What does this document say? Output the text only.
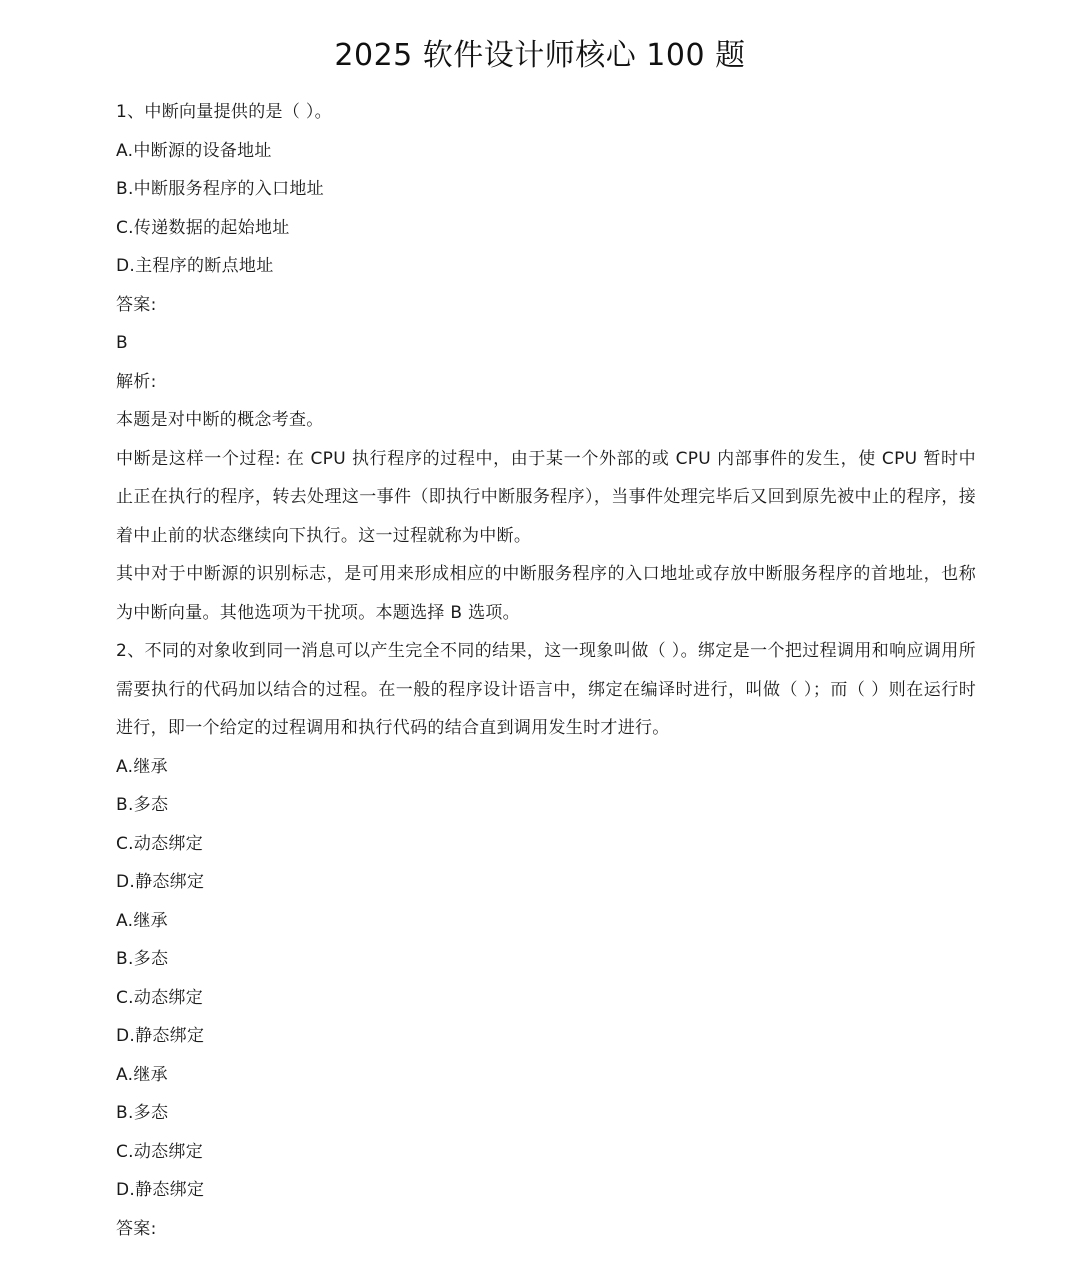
2025 软件设计师核心 100 题
1、中断向量提供的是（ ）。
A.中断源的设备地址
B.中断服务程序的入口地址
C.传递数据的起始地址
D.主程序的断点地址
答案:
B
解析:
本题是对中断的概念考查。
中断是这样一个过程: 在 CPU 执行程序的过程中，由于某一个外部的或 CPU 内部事件的发生，使 CPU 暂时中止正在执行的程序，转去处理这一事件（即执行中断服务程序），当事件处理完毕后又回到原先被中止的程序，接着中止前的状态继续向下执行。这一过程就称为中断。
其中对于中断源的识别标志，是可用来形成相应的中断服务程序的入口地址或存放中断服务程序的首地址，也称为中断向量。其他选项为干扰项。本题选择 B 选项。
2、不同的对象收到同一消息可以产生完全不同的结果，这一现象叫做（ ）。绑定是一个把过程调用和响应调用所需要执行的代码加以结合的过程。在一般的程序设计语言中，绑定在编译时进行，叫做（ ）；而（ ）则在运行时进行，即一个给定的过程调用和执行代码的结合直到调用发生时才进行。
A.继承
B.多态
C.动态绑定
D.静态绑定
A.继承
B.多态
C.动态绑定
D.静态绑定
A.继承
B.多态
C.动态绑定
D.静态绑定
答案:
